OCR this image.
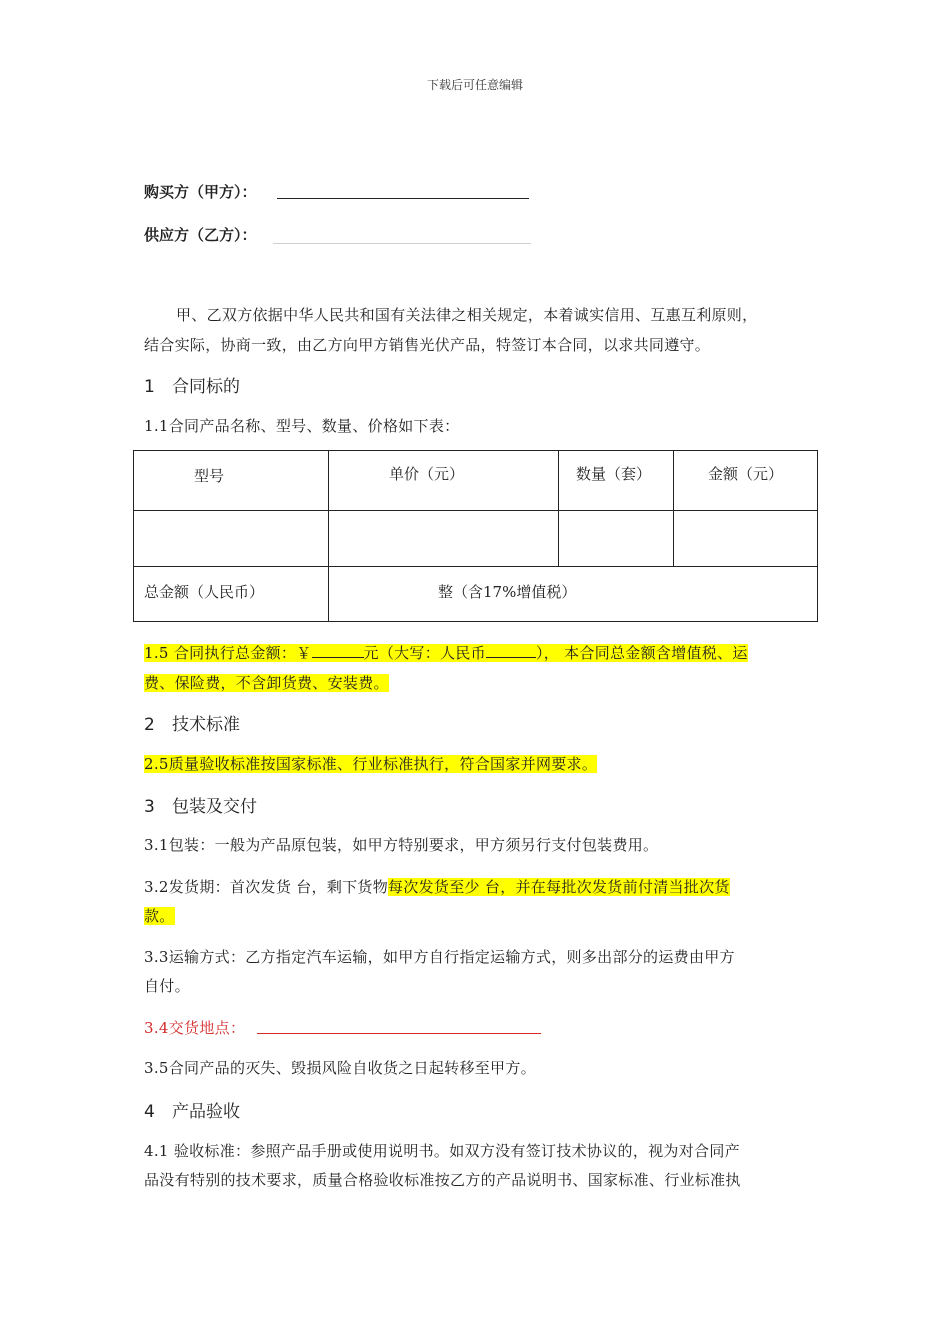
下载后可任意编辑
购买方（甲方）：
供应方（乙方）：
甲、乙双方依据中华人民共和国有关法律之相关规定，本着诚实信用、互惠互利原则，
结合实际，协商一致，由乙方向甲方销售光伏产品，特签订本合同，以求共同遵守。
1 合同标的
1.1合同产品名称、型号、数量、价格如下表：
型号	单价（元）	数量（套）	金额（元）

总金额（人民币）	整（含17%增值税）		
1.5 合同执行总金额：￥	元（大写：人民币	）， 本合同总金额含增值税、运
费、保险费，不含卸货费、安装费。
2 技术标准
2.5质量验收标准按国家标准、行业标准执行，符合国家并网要求。
3 包装及交付
3.1包装：一般为产品原包装，如甲方特别要求，甲方须另行支付包装费用。
3.2发货期：首次发货 台，剩下货物每次发货至少 台，并在每批次发货前付清当批次货
款。
3.3运输方式：乙方指定汽车运输，如甲方自行指定运输方式，则多出部分的运费由甲方
自付。
3.4交货地点：
3.5合同产品的灭失、毁损风险自收货之日起转移至甲方。
4 产品验收
4.1 验收标准：参照产品手册或使用说明书。如双方没有签订技术协议的，视为对合同产
品没有特别的技术要求，质量合格验收标准按乙方的产品说明书、国家标准、行业标准执
